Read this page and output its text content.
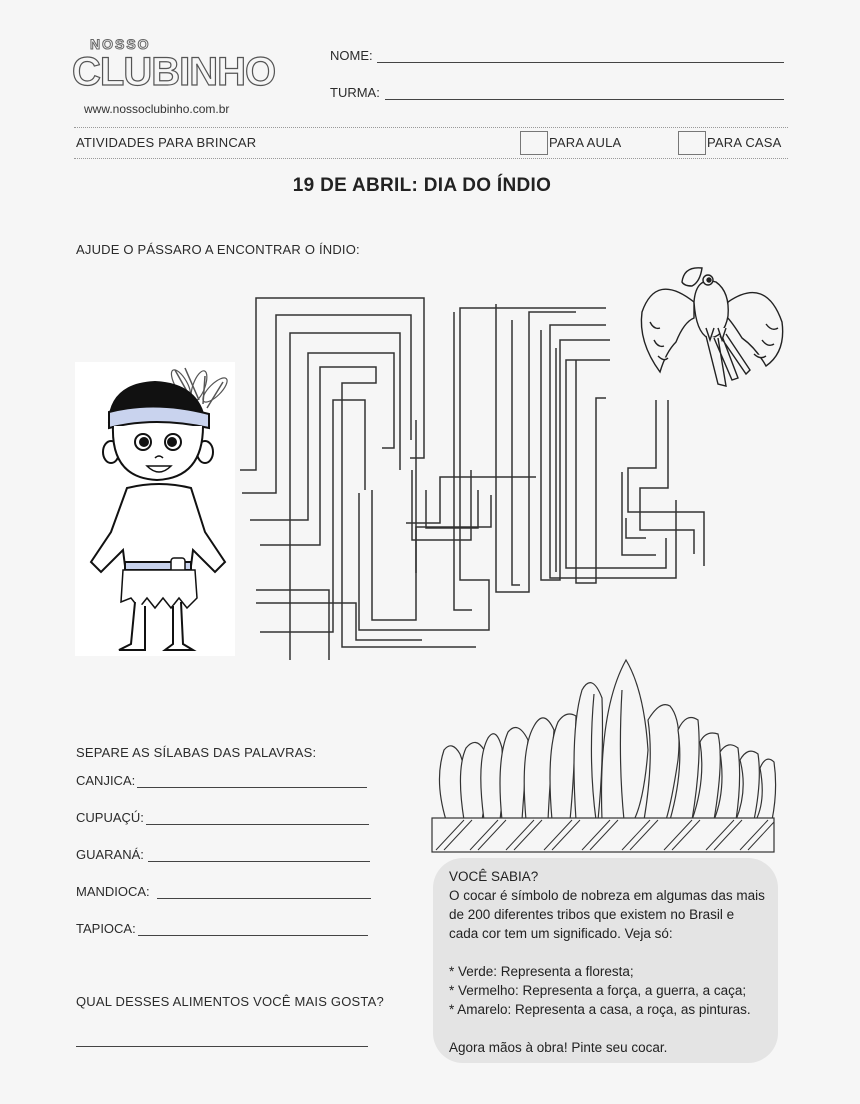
NOSSO
CLUBINHO
www.nossoclubinho.com.br
NOME:
TURMA:
ATIVIDADES PARA BRINCAR	PARA AULA	PARA CASA
19 DE ABRIL: DIA DO ÍNDIO
AJUDE O PÁSSARO A ENCONTRAR O ÍNDIO:
SEPARE AS SÍLABAS DAS PALAVRAS:
CANJICA:
CUPUAÇÚ:
GUARANÁ:
MANDIOCA:
TAPIOCA:
QUAL DESSES ALIMENTOS VOCÊ MAIS GOSTA?

VOCÊ SABIA?

O cocar é símbolo de nobreza em algumas das mais

de 200 diferentes tribos que existem no Brasil e

cada cor tem um significado. Veja só:

* Verde: Representa a floresta;

* Vermelho: Representa a força, a guerra, a caça;

* Amarelo: Representa a casa, a roça, as pinturas.

Agora mãos à obra! Pinte seu cocar.
